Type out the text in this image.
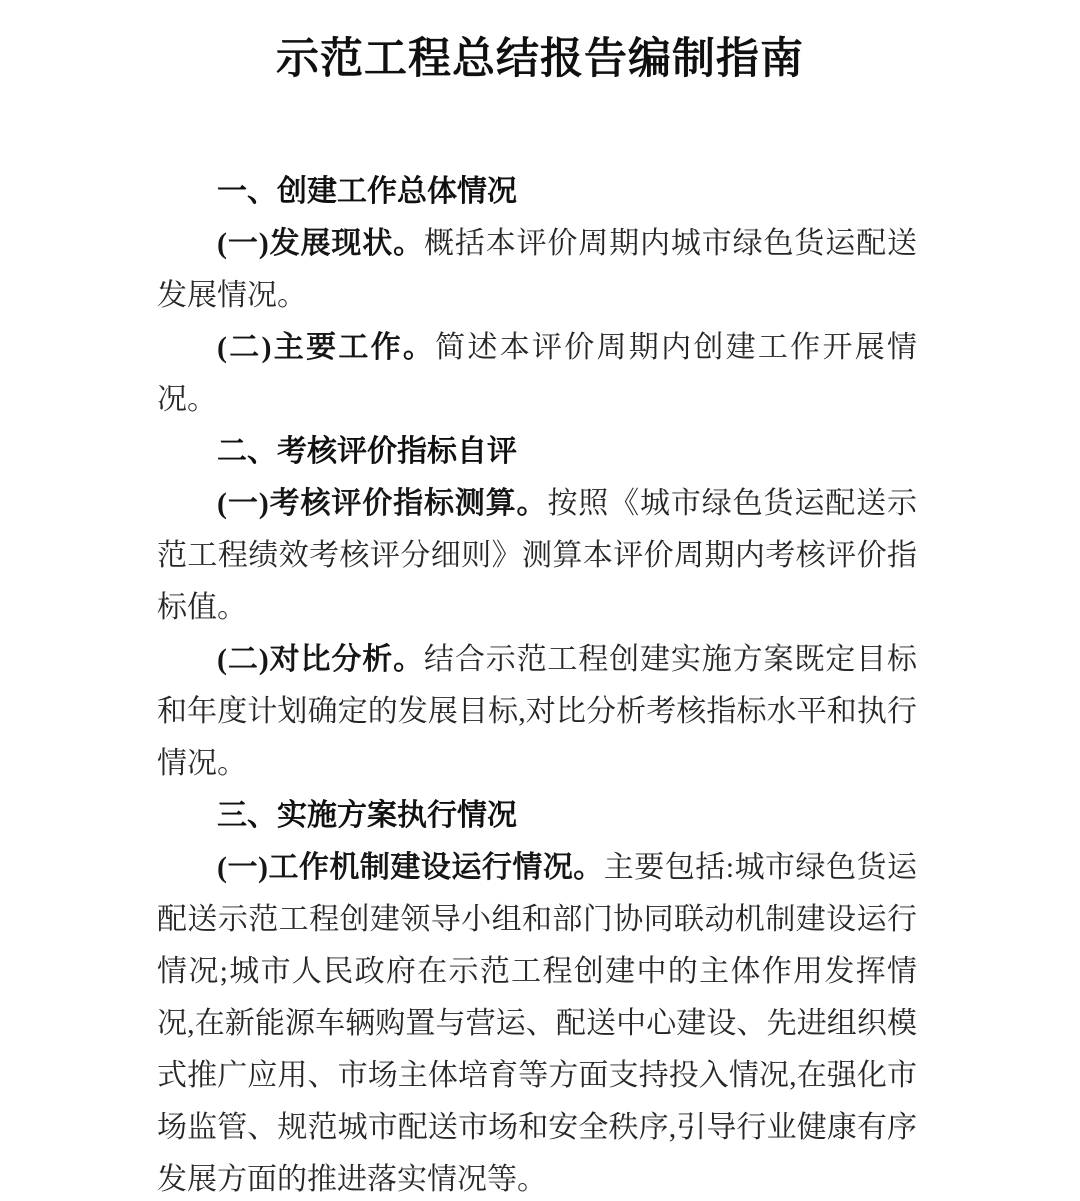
示范工程总结报告编制指南

一、创建工作总体情况

(一)发展现状。概括本评价周期内城市绿色货运配送发展情况。

(二)主要工作。简述本评价周期内创建工作开展情况。

二、考核评价指标自评

(一)考核评价指标测算。按照《城市绿色货运配送示范工程绩效考核评分细则》测算本评价周期内考核评价指标值。

(二)对比分析。结合示范工程创建实施方案既定目标和年度计划确定的发展目标,对比分析考核指标水平和执行情况。

三、实施方案执行情况

(一)工作机制建设运行情况。主要包括:城市绿色货运配送示范工程创建领导小组和部门协同联动机制建设运行情况;城市人民政府在示范工程创建中的主体作用发挥情况,在新能源车辆购置与营运、配送中心建设、先进组织模式推广应用、市场主体培育等方面支持投入情况,在强化市场监管、规范城市配送市场和安全秩序,引导行业健康有序发展方面的推进落实情况等。
